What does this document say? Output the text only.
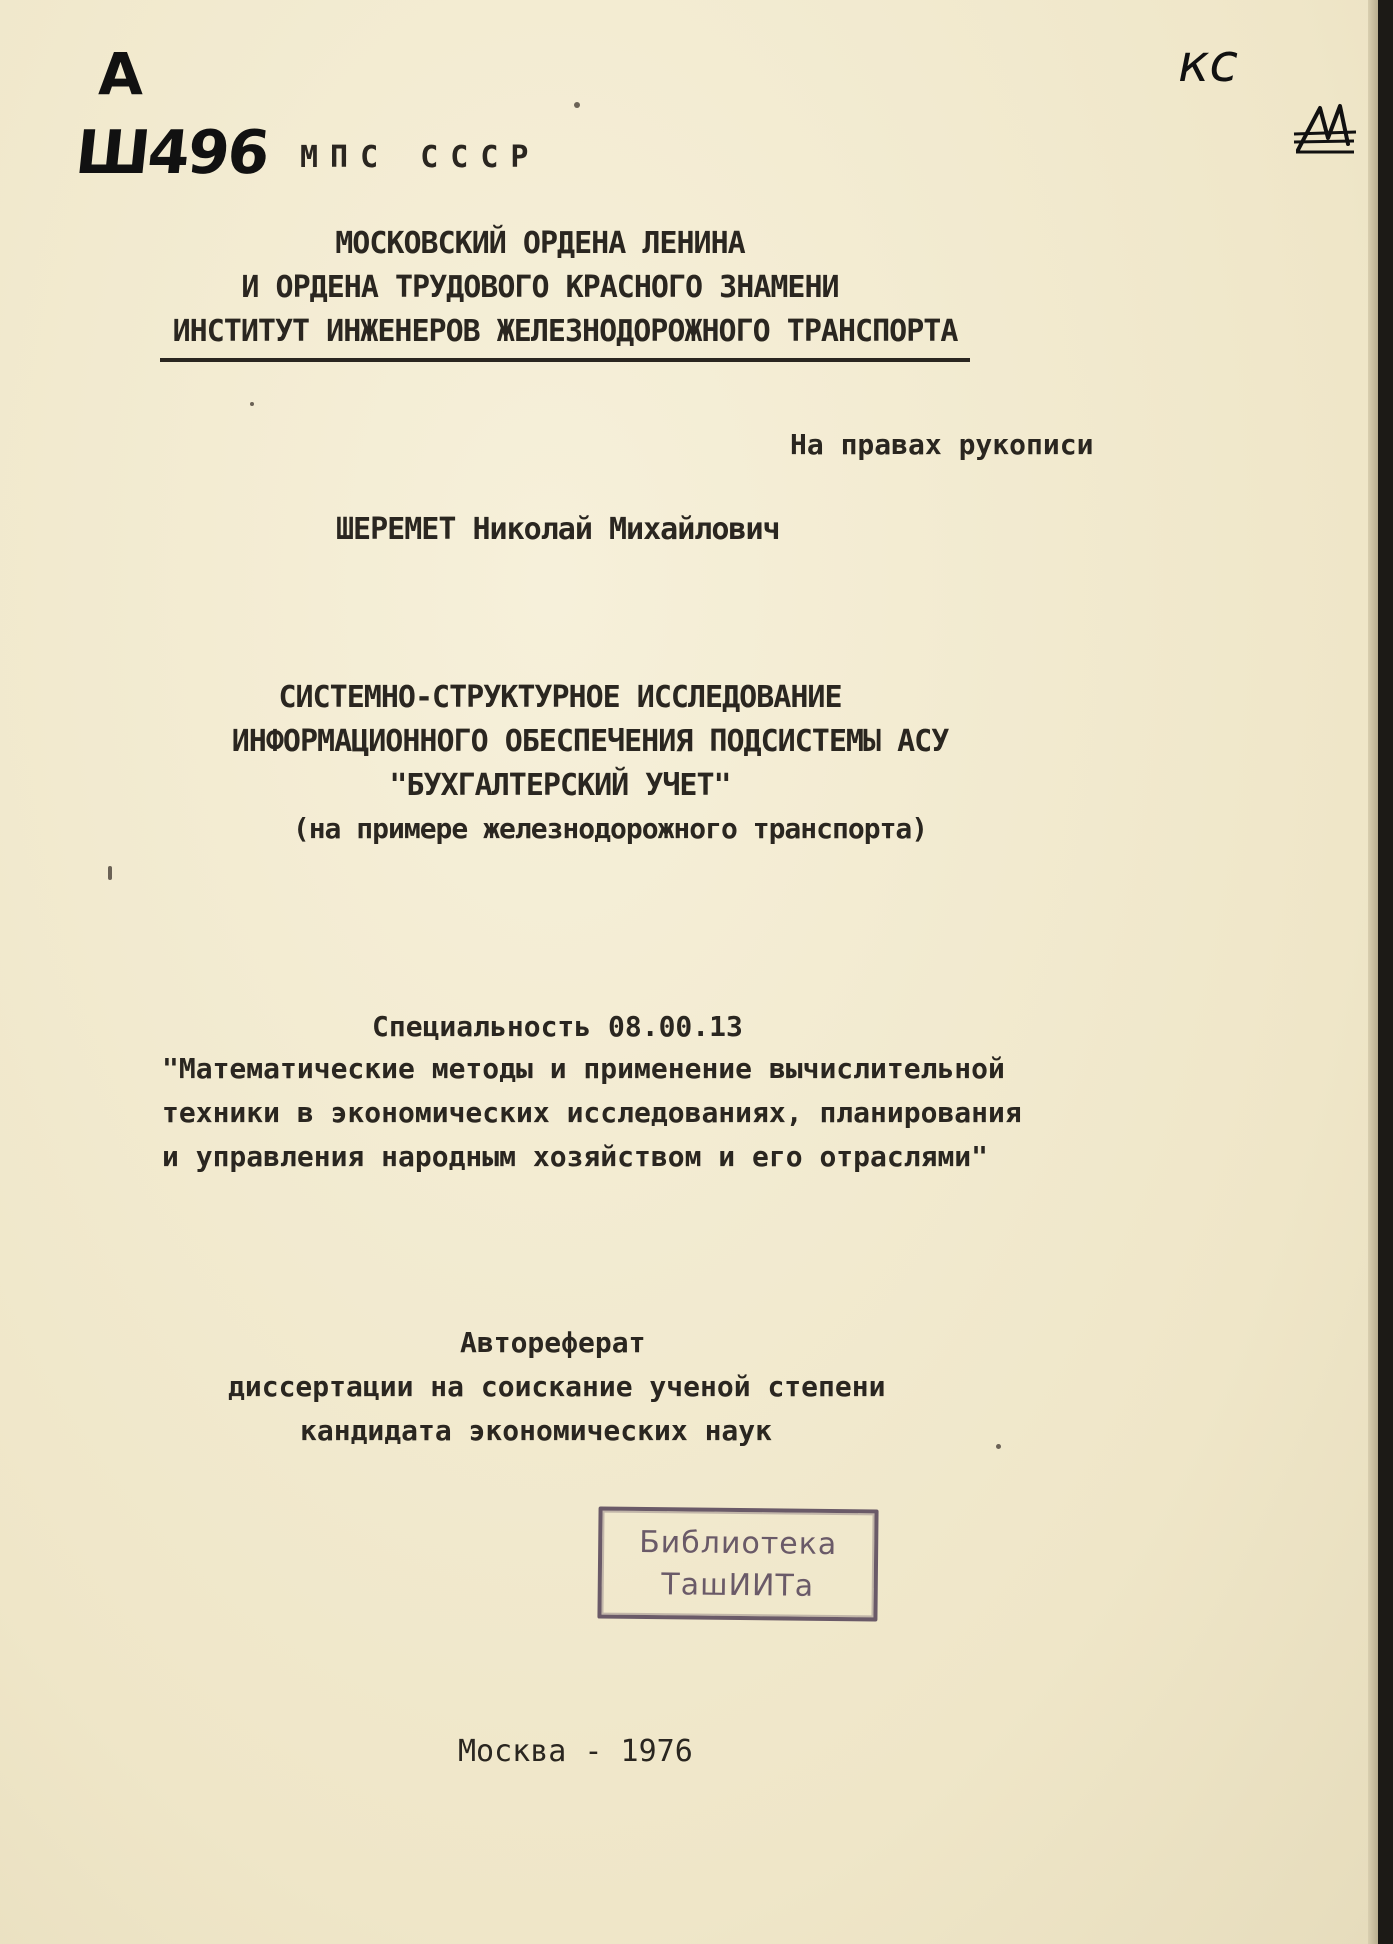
A
Ш496
кс
МПС СССР
МОСКОВСКИЙ ОРДЕНА ЛЕНИНА
И ОРДЕНА ТРУДОВОГО КРАСНОГО ЗНАМЕНИ
ИНСТИТУТ ИНЖЕНЕРОВ ЖЕЛЕЗНОДОРОЖНОГО ТРАНСПОРТА
На правах рукописи
ШЕРЕМЕТ Николай Михайлович
СИСТЕМНО-СТРУКТУРНОЕ ИССЛЕДОВАНИЕ
ИНФОРМАЦИОННОГО ОБЕСПЕЧЕНИЯ ПОДСИСТЕМЫ АСУ
"БУХГАЛТЕРСКИЙ УЧЕТ"
(на примере железнодорожного транспорта)
Специальность 08.00.13
"Математические методы и применение вычислительной
техники в экономических исследованиях, планирования
и управления народным хозяйством и его отраслями"
Автореферат
диссертации на соискание ученой степени
кандидата экономических наук
Библиотека
ТашИИТа
Москва - 1976
